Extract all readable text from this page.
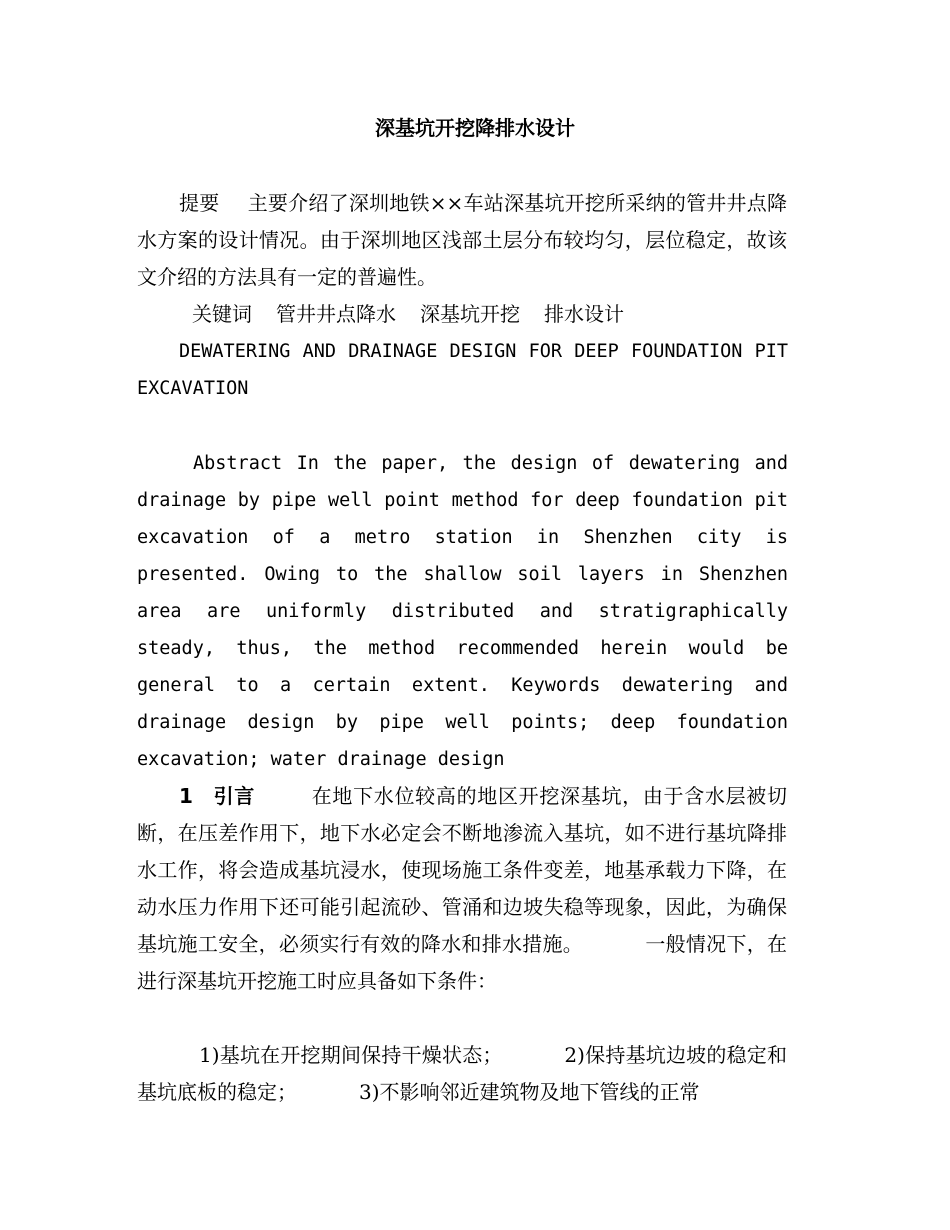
深基坑开挖降排水设计

提要 主要介绍了深圳地铁××车站深基坑开挖所采纳的管井井点降水方案的设计情况。由于深圳地区浅部土层分布较均匀，层位稳定，故该文介绍的方法具有一定的普遍性。

关键词 管井井点降水 深基坑开挖 排水设计

DEWATERING AND DRAINAGE DESIGN FOR DEEP FOUNDATION PIT EXCAVATION

Abstract In the paper, the design of dewatering and drainage by pipe well point method for deep foundation pit excavation of a metro station in Shenzhen city is presented. Owing to the shallow soil layers in Shenzhen area are uniformly distributed and stratigraphically steady, thus, the method recommended herein would be general to a certain extent. Keywords dewatering and drainage design by pipe well points; deep foundation excavation; water drainage design

1 引言	在地下水位较高的地区开挖深基坑，由于含水层被切断，在压差作用下，地下水必定会不断地渗流入基坑，如不进行基坑降排水工作，将会造成基坑浸水，使现场施工条件变差，地基承载力下降，在动水压力作用下还可能引起流砂、管涌和边坡失稳等现象，因此，为确保基坑施工安全，必须实行有效的降水和排水措施。	一般情况下，在进行深基坑开挖施工时应具备如下条件：

1)基坑在开挖期间保持干燥状态；	2)保持基坑边坡的稳定和基坑底板的稳定；	3)不影响邻近建筑物及地下管线的正常
